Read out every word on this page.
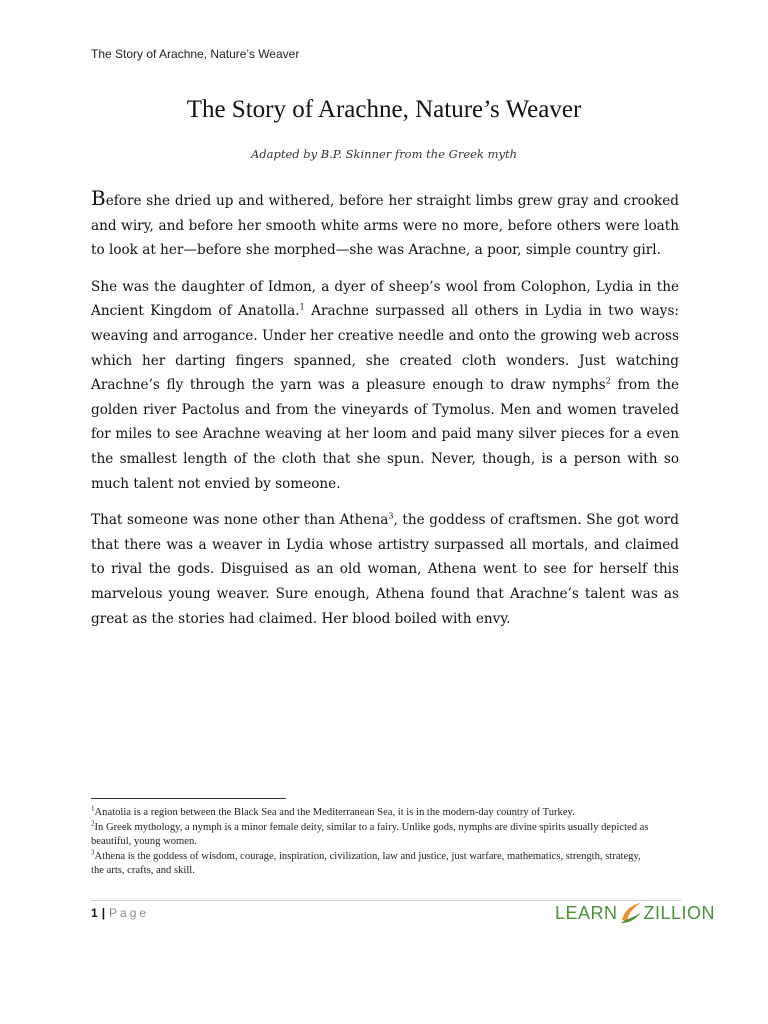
The Story of Arachne, Nature’s Weaver
The Story of Arachne, Nature’s Weaver
Adapted by B.P. Skinner from the Greek myth

Before she dried up and withered, before her straight limbs grew gray and crooked and wiry, and before her smooth white arms were no more, before others were loath to look at her—before she morphed—she was Arachne, a poor, simple country girl.

She was the daughter of Idmon, a dyer of sheep’s wool from Colophon, Lydia in the Ancient Kingdom of Anatolla.$^1$ Arachne surpassed all others in Lydia in two ways: weaving and arrogance. Under her creative needle and onto the growing web across which her darting fingers spanned, she created cloth wonders. Just watching Arachne’s fly through the yarn was a pleasure enough to draw nymphs$^2$ from the golden river Pactolus and from the vineyards of Tymolus. Men and women traveled for miles to see Arachne weaving at her loom and paid many silver pieces for a even the smallest length of the cloth that she spun. Never, though, is a person with so much talent not envied by someone.

That someone was none other than Athena$^3$, the goddess of craftsmen. She got word that there was a weaver in Lydia whose artistry surpassed all mortals, and claimed to rival the gods. Disguised as an old woman, Athena went to see for herself this marvelous young weaver. Sure enough, Athena found that Arachne’s talent was as great as the stories had claimed. Her blood boiled with envy.

$^1$Anatolia is a region between the Black Sea and the Mediterranean Sea, it is in the modern-day country of Turkey.

$^2$In Greek mythology, a nymph is a minor female deity, similar to a fairy. Unlike gods, nymphs are divine spirits usually depicted as beautiful, young women.

$^3$Athena is the goddess of wisdom, courage, inspiration, civilization, law and justice, just warfare, mathematics, strength, strategy, the arts, crafts, and skill.

1 | Page	LEARN ZILLION
